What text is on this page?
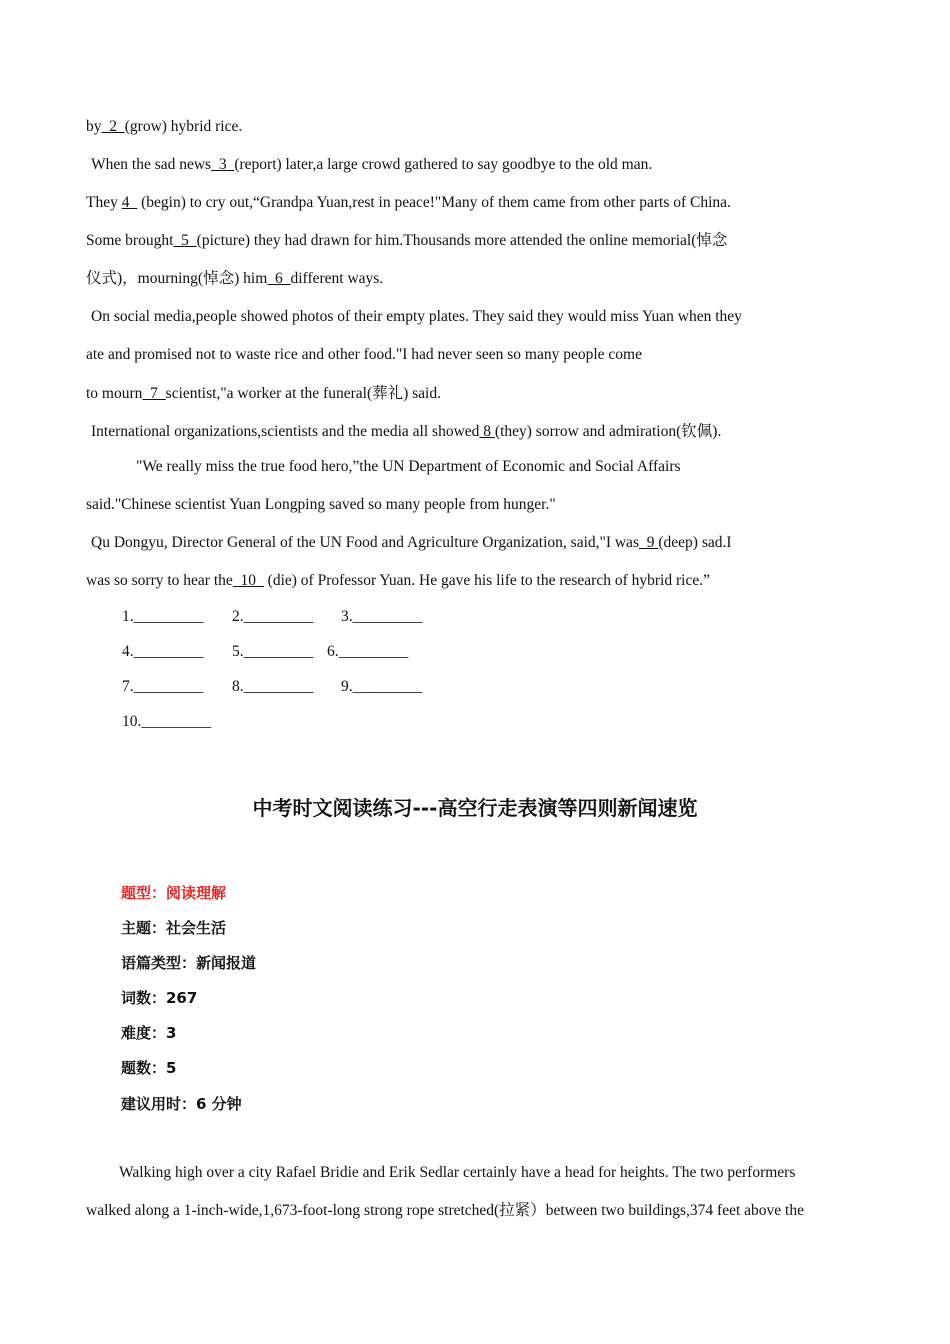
by  2  (grow) hybrid rice.
When the sad news  3  (report) later,a large crowd gathered to say goodbye to the old man.
They 4   (begin) to cry out,“Grandpa Yuan,rest in peace!"Many of them came from other parts of China.
Some brought  5  (picture) they had drawn for him.Thousands more attended the online memorial(悼念
仪式)，mourning(悼念) him  6  different ways.
On social media,people showed photos of their empty plates. They said they would miss Yuan when they
ate and promised not to waste rice and other food."I had never seen so many people come
to mourn  7  scientist,"a worker at the funeral(葬礼) said.
International organizations,scientists and the media all showed 8 (they) sorrow and admiration(钦佩).
"We really miss the true food hero,”the UN Department of Economic and Social Affairs
said."Chinese scientist Yuan Longping saved so many people from hunger."
Qu Dongyu, Director General of the UN Food and Agriculture Organization, said,"I was  9 (deep) sad.I
was so sorry to hear the  10   (die) of Professor Yuan. He gave his life to the research of hybrid rice.”
1._________ 2._________ 3._________
4._________ 5._________ 6._________
7._________ 8._________ 9._________
10._________
中考时文阅读练习---高空行走表演等四则新闻速览
题型：阅读理解
主题：社会生活
语篇类型：新闻报道
词数：267
难度：3
题数：5
建议用时：6 分钟
Walking high over a city Rafael Bridie and Erik Sedlar certainly have a head for heights. The two performers
walked along a 1-inch-wide,1,673-foot-long strong rope stretched(拉紧）between two buildings,374 feet above the
